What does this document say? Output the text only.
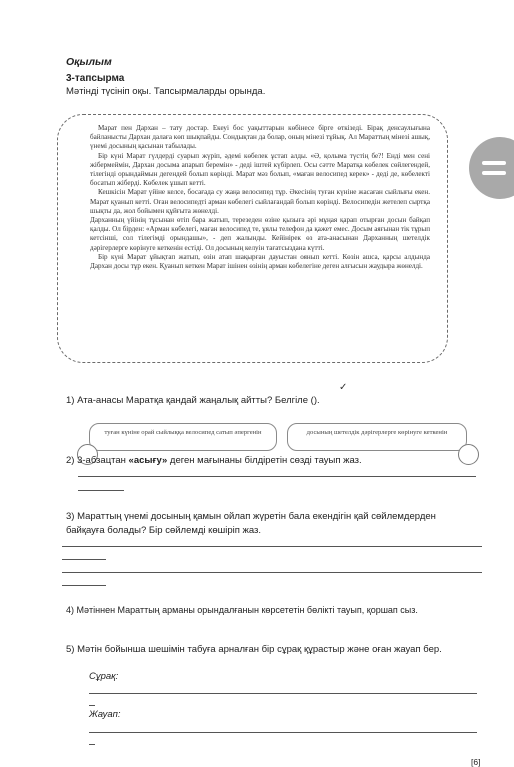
Оқылым
3-тапсырма
Мәтінді түсініп оқы. Тапсырмаларды орында.

Марат пен Дархан – тату достар. Екеуі бос уақыттарын көбінесе бірге өткізеді. Бірақ денсаулығына байланысты Дархан далаға көп шықпайды. Сондықтан да болар, оның мінезі тұйық. Ал Мараттың мінезі ашық, үнемі досының қасынан табылады.

Бір күні Марат гүлдерді суарып жүріп, әдемі көбелек ұстап алды. «Ә, қолыма түстің бе?! Енді мен сені жібермеймін, Дархан досыма апарып беремін» - деді іштей күбірлеп. Осы сәтте Маратқа көбелек сөйлегендей, тілегінді орындаймын дегендей болып көрінді. Марат мәз болып, «маған велосипед керек» - деді де, көбелекті босатып жіберді. Көбелек ұшып кетті.

Кешкісін Марат үйіне келсе, босағада су жаңа велосипед тұр. Әкесінің туған күніне жасаған сыйлығы екен. Марат қуанып кетті. Оған велосипедті арман көбелегі сыйлағандай болып көрінді. Велосипедін жетелеп сыртқа шықты да, жол бойымен құйғыта жөнелді.

Дарханның үйінің тұсынан өтіп бара жатып, терезеден өзіне қызыға әрі мұңая қарап отырған досын байқап қалды. Ол бірден: «Арман көбелегі, маған велосипед те, ұялы телефон да қажет емес. Досым аяғынан тік тұрып кетсінші, сол тілегімді орындашы», - деп жалынды. Кейінірек өз ата-анасынан Дарханның шетелдік дәрігерлерге көрінуге кеткенін естіді. Ол досының келуін тағатсыздана күтті.

Бір күні Марат ұйықтап жатып, өзін атап шақырған дауыстан оянып кетті. Көзін ашса, қарсы алдында Дархан досы тұр екен. Қуанып кеткен Марат ішінен өзінің арман көбелегіне деген алғысын жаудыра жөнелді.

1) Ата-анасы Маратқа қандай жаңалық айтты? Белгіле ().
✓
туған күніне орай сыйлыққа велосипед сатып әпергенін	досының шетелдік дәрігерлерге көрінуге кеткенін
2) 3-абзацтан «асығу» деген мағынаны білдіретін сөзді тауып жаз.
3) Мараттың үнемі досының қамын ойлап жүретін бала екендігін қай сөйлемдерден байқауға болады? Бір сөйлемді көшіріп жаз.
4) Мәтіннен Мараттың арманы орындалғанын көрсететін бөлікті тауып, қоршап сыз.
5) Мәтін бойынша шешімін табуға арналған бір сұрақ құрастыр және оған жауап бер.
Сұрақ:
Жауап:
[6]
